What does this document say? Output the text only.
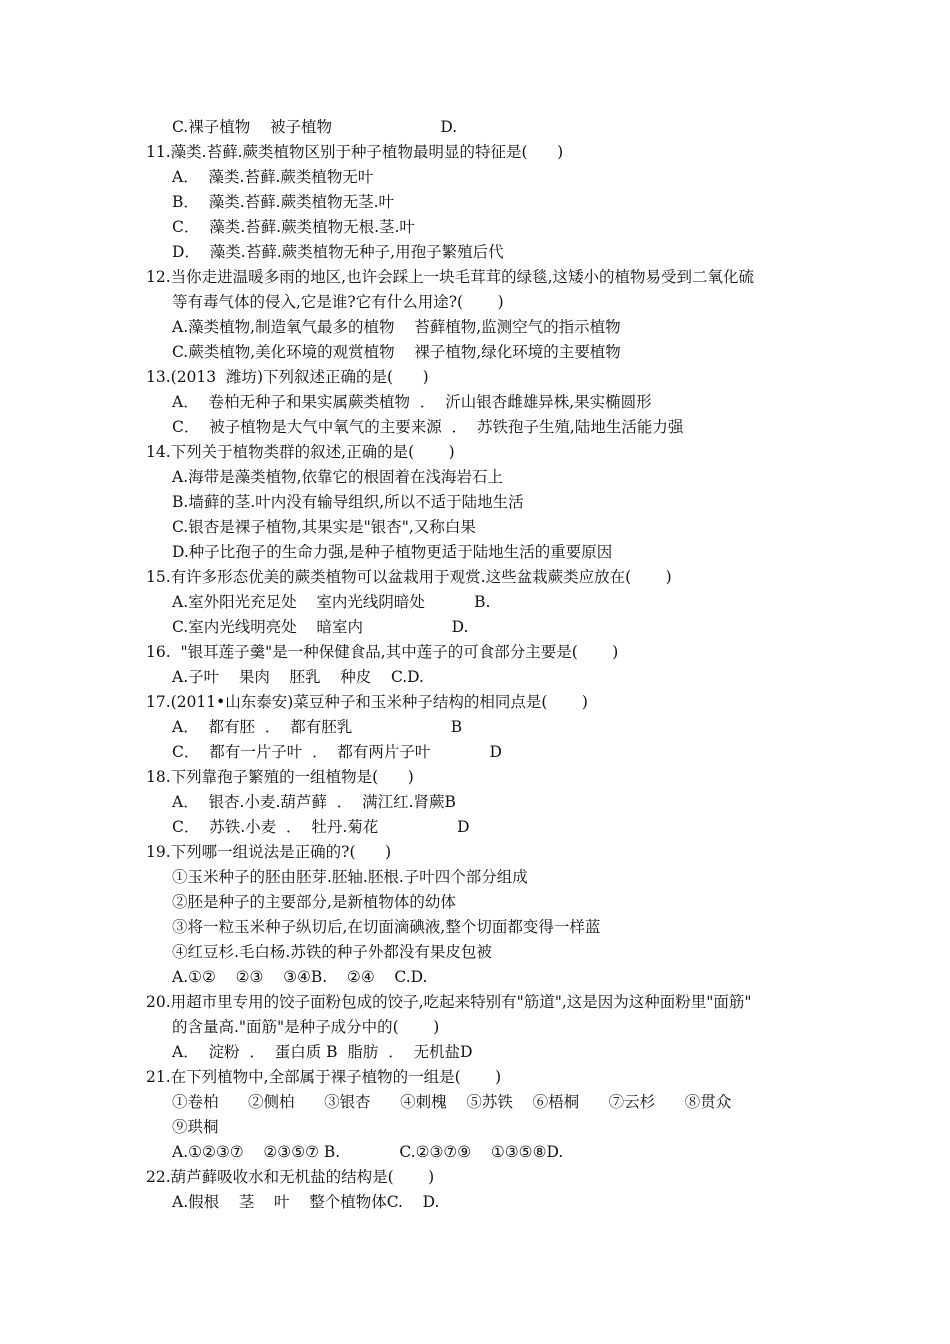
C.裸子植物    被子植物                      D.
11.藻类.苔藓.蕨类植物区别于种子植物最明显的特征是(      )
A．  藻类.苔藓.蕨类植物无叶
B．  藻类.苔藓.蕨类植物无茎.叶
C．  藻类.苔藓.蕨类植物无根.茎.叶
D．  藻类.苔藓.蕨类植物无种子,用孢子繁殖后代
12.当你走进温暖多雨的地区,也许会踩上一块毛茸茸的绿毯,这矮小的植物易受到二氧化硫
等有毒气体的侵入,它是谁?它有什么用途?(       )
A.藻类植物,制造氧气最多的植物    苔藓植物,监测空气的指示植物
C.蕨类植物,美化环境的观赏植物    裸子植物,绿化环境的主要植物
13.(2013  潍坊)下列叙述正确的是(      )
A．  卷柏无种子和果实属蕨类植物  ．  沂山银杏雌雄异株,果实椭圆形
C．  被子植物是大气中氧气的主要来源  ．  苏铁孢子生殖,陆地生活能力强
14.下列关于植物类群的叙述,正确的是(       )
A.海带是藻类植物,依靠它的根固着在浅海岩石上
B.墙藓的茎.叶内没有输导组织,所以不适于陆地生活
C.银杏是裸子植物,其果实是"银杏",又称白果
D.种子比孢子的生命力强,是种子植物更适于陆地生活的重要原因
15.有许多形态优美的蕨类植物可以盆栽用于观赏.这些盆栽蕨类应放在(       )
A.室外阳光充足处    室内光线阴暗处          B.
C.室内光线明亮处    暗室内                  D.
16.  "银耳莲子羹"是一种保健食品,其中莲子的可食部分主要是(       )
A.子叶    果肉    胚乳    种皮    C.D.
17.(2011•山东泰安)菜豆种子和玉米种子结构的相同点是(       )
A．  都有胚  ．  都有胚乳                    B
C．  都有一片子叶  ．  都有两片子叶            D
18.下列靠孢子繁殖的一组植物是(      )
A．  银杏.小麦.葫芦藓  ．  满江红.肾蕨B
C．  苏铁.小麦  ．  牡丹.菊花                D
19.下列哪一组说法是正确的?(      )
①玉米种子的胚由胚芽.胚轴.胚根.子叶四个部分组成
②胚是种子的主要部分,是新植物体的幼体
③将一粒玉米种子纵切后,在切面滴碘液,整个切面都变得一样蓝
④红豆杉.毛白杨.苏铁的种子外都没有果皮包被
A.①②    ②③    ③④B.    ②④    C.D.
20.用超市里专用的饺子面粉包成的饺子,吃起来特别有"筋道",这是因为这种面粉里"面筋"
的含量高."面筋"是种子成分中的(       )
A．  淀粉  ．  蛋白质 B  脂肪  ．  无机盐D
21.在下列植物中,全部属于裸子植物的一组是(       )
①卷柏      ②侧柏      ③银杏      ④刺槐    ⑤苏铁    ⑥梧桐      ⑦云杉      ⑧贯众
⑨珙桐
A.①②③⑦    ②③⑤⑦ B.            C.②③⑦⑨    ①③⑤⑧D.
22.葫芦藓吸收水和无机盐的结构是(       )
A.假根    茎    叶    整个植物体C.    D.
